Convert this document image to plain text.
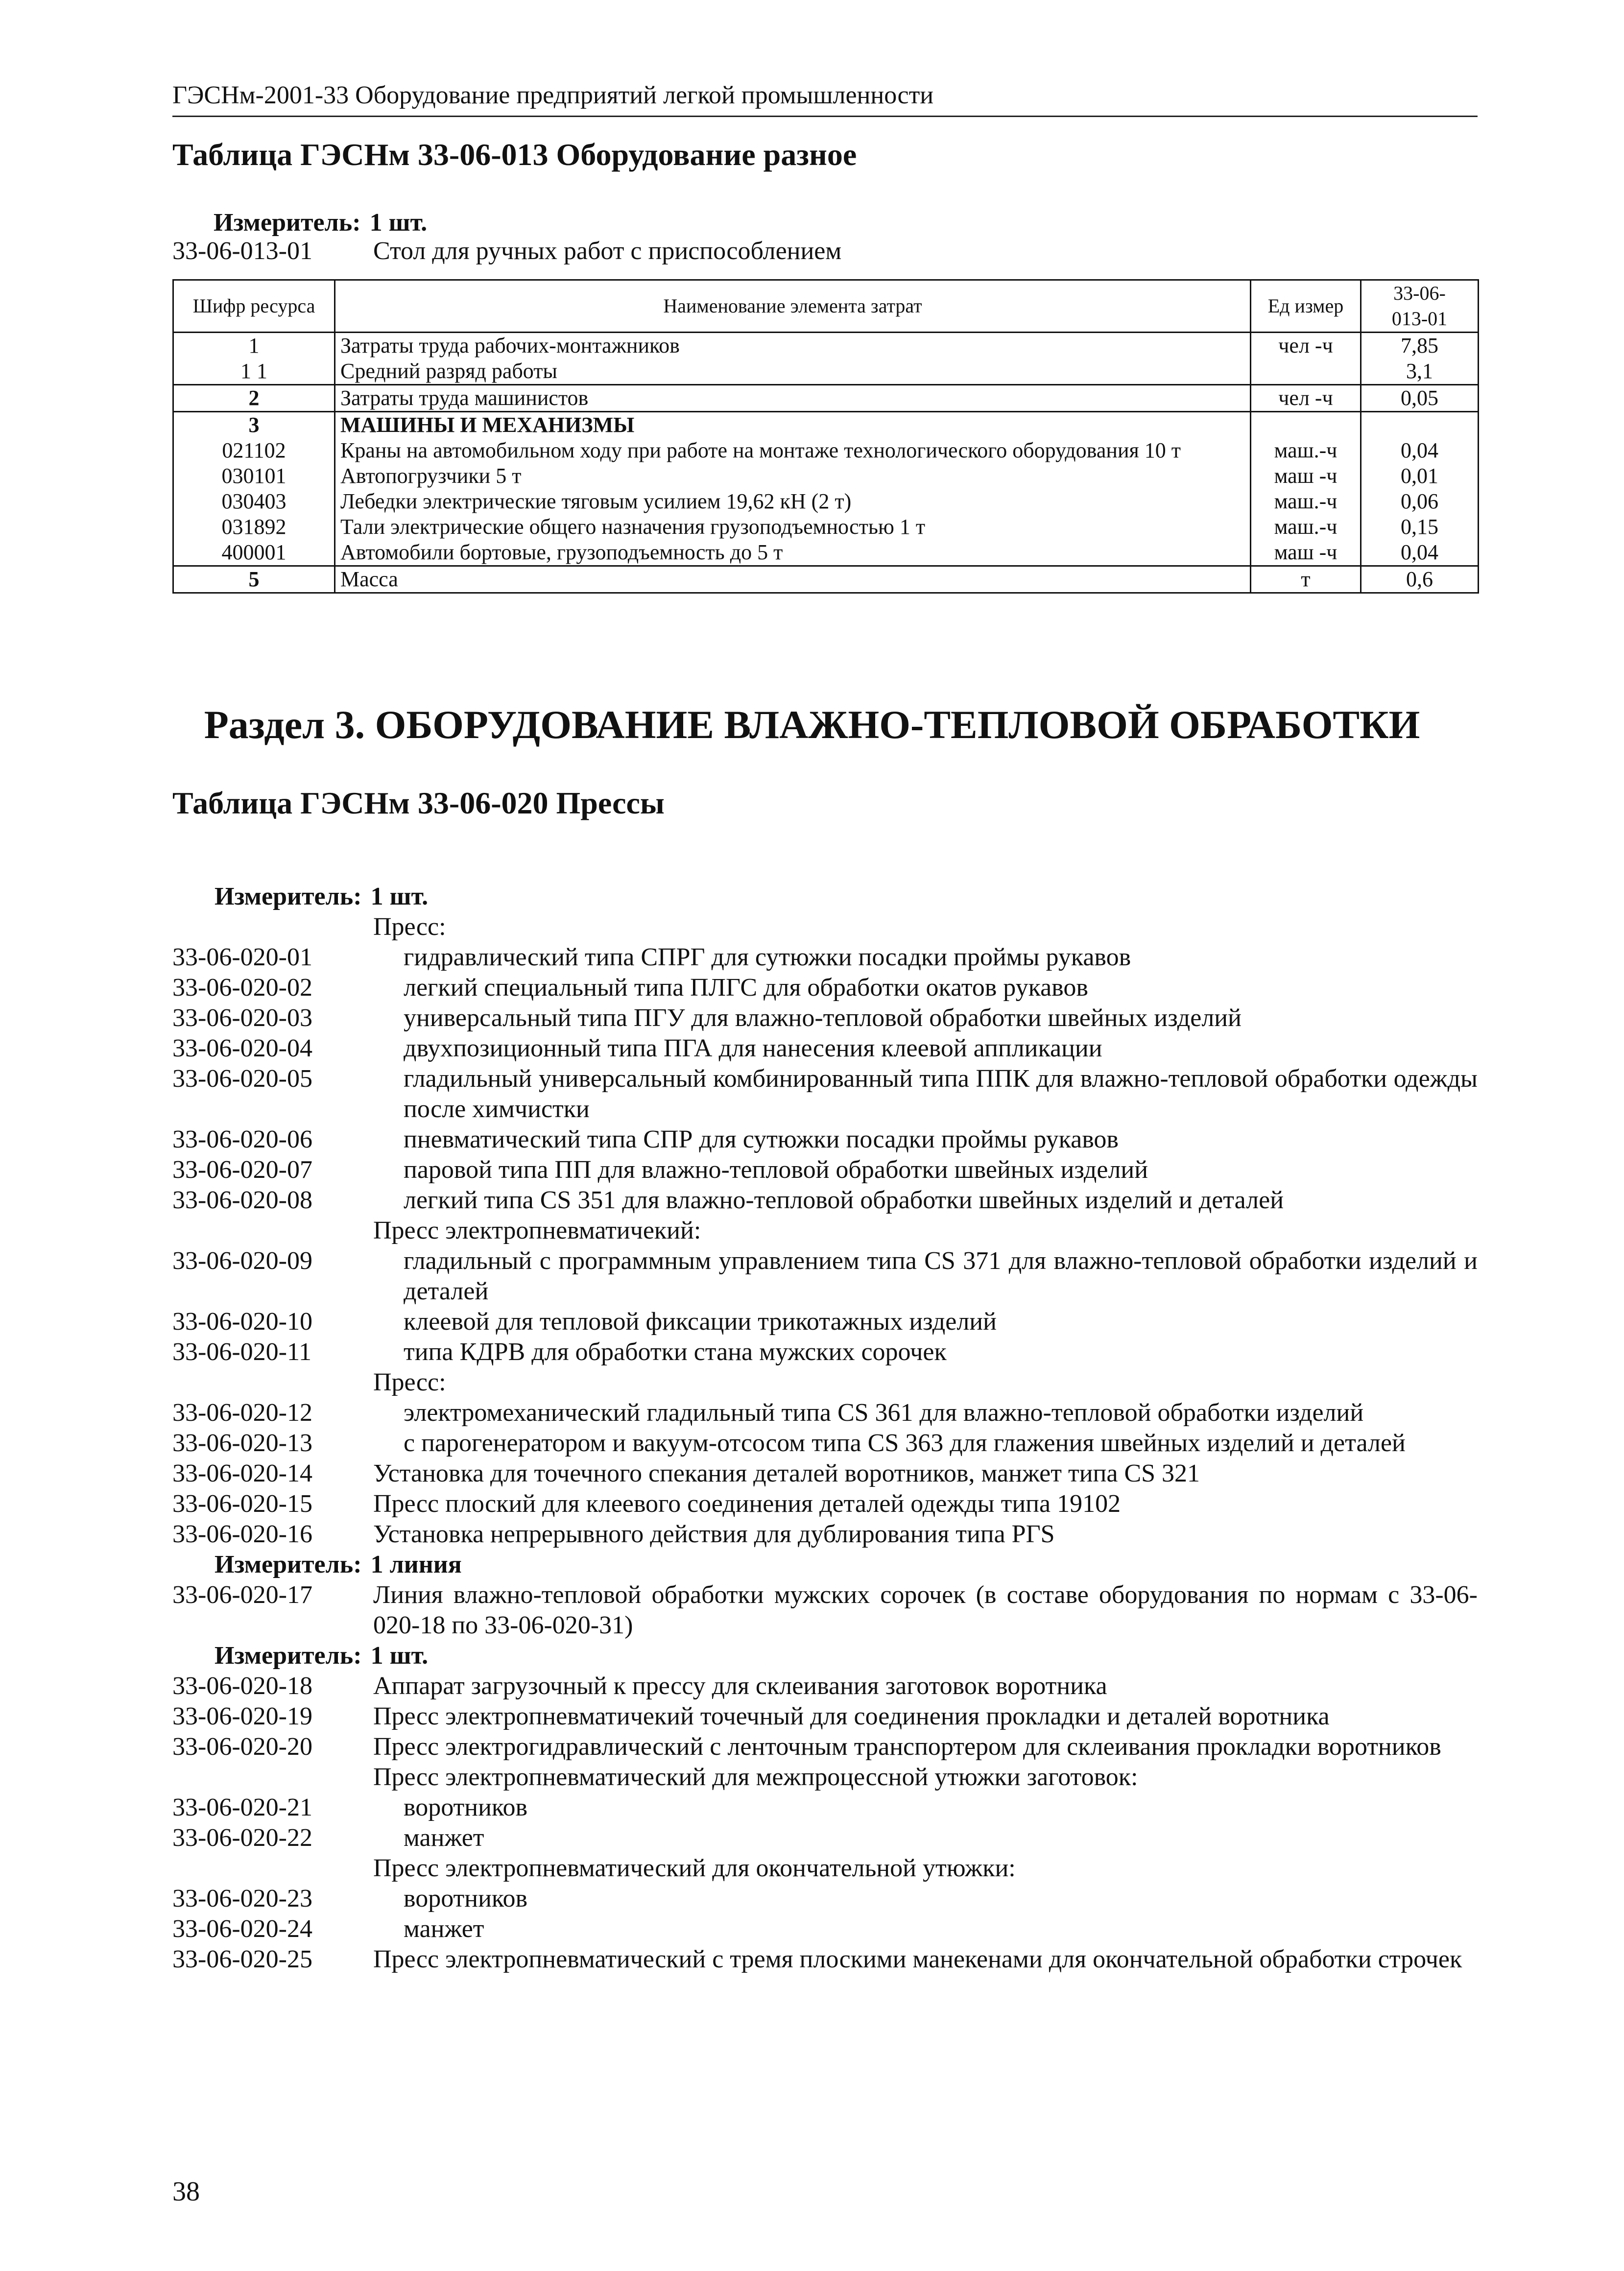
ГЭСНм-2001-33 Оборудование предприятий легкой промышленности
Таблица ГЭСНм 33-06-013 Оборудование разное
Измеритель: 1 шт.
33-06-013-01 Стол для ручных работ с приспособлением
Шифр ресурса	Наименование элемента затрат	Ед измер	33-06-
013-01
1	Затраты труда рабочих-монтажников	чел -ч	7,85
1 1	Средний разряд работы		3,1
2	Затраты труда машинистов	чел -ч	0,05
3	МАШИНЫ И МЕХАНИЗМЫ		
021102	Краны на автомобильном ходу при работе на монтаже технологического оборудования 10 т	маш.-ч	0,04
030101	Автопогрузчики 5 т	маш -ч	0,01
030403	Лебедки электрические тяговым усилием 19,62 кН (2 т)	маш.-ч	0,06
031892	Тали электрические общего назначения грузоподъемностью 1 т	маш.-ч	0,15
400001	Автомобили бортовые, грузоподъемность до 5 т	маш -ч	0,04
5	Масса	т	0,6
Раздел 3. ОБОРУДОВАНИЕ ВЛАЖНО-ТЕПЛОВОЙ ОБРАБОТКИ
Таблица ГЭСНм 33-06-020 Прессы
Измеритель: 1 шт.
Пресс:
33-06-020-01	гидравлический типа СПРГ для сутюжки посадки проймы рукавов
33-06-020-02	легкий специальный типа ПЛГС для обработки окатов рукавов
33-06-020-03	универсальный типа ПГУ для влажно-тепловой обработки швейных изделий
33-06-020-04	двухпозиционный типа ПГА для нанесения клеевой аппликации
33-06-020-05	гладильный универсальный комбинированный типа ППК для влажно-тепловой обработки одежды после химчистки
33-06-020-06	пневматический типа СПР для сутюжки посадки проймы рукавов
33-06-020-07	паровой типа ПП для влажно-тепловой обработки швейных изделий
33-06-020-08	легкий типа CS 351 для влажно-тепловой обработки швейных изделий и деталей
Пресс электропневматичекий:
33-06-020-09	гладильный с программным управлением типа CS 371 для влажно-тепловой обработки изделий и деталей
33-06-020-10	клеевой для тепловой фиксации трикотажных изделий
33-06-020-11	типа КДРВ для обработки стана мужских сорочек
Пресс:
33-06-020-12	электромеханический гладильный типа CS 361 для влажно-тепловой обработки изделий
33-06-020-13	с парогенератором и вакуум-отсосом типа CS 363 для глажения швейных изделий и деталей
33-06-020-14	Установка для точечного спекания деталей воротников, манжет типа CS 321
33-06-020-15	Пресс плоский для клеевого соединения деталей одежды типа 19102
33-06-020-16	Установка непрерывного действия для дублирования типа PГS
Измеритель: 1 линия
33-06-020-17	Линия влажно-тепловой обработки мужских сорочек (в составе оборудования по нормам с 33-06-020-18 по 33-06-020-31)
Измеритель: 1 шт.
33-06-020-18	Аппарат загрузочный к прессу для склеивания заготовок воротника
33-06-020-19	Пресс электропневматичекий точечный для соединения прокладки и деталей воротника
33-06-020-20	Пресс электрогидравлический с ленточным транспортером для склеивания прокладки воротников
Пресс электропневматический для межпроцессной утюжки заготовок:
33-06-020-21	воротников
33-06-020-22	манжет
Пресс электропневматический для окончательной утюжки:
33-06-020-23	воротников
33-06-020-24	манжет
33-06-020-25	Пресс электропневматический с тремя плоскими манекенами для окончательной обработки строчек
38
